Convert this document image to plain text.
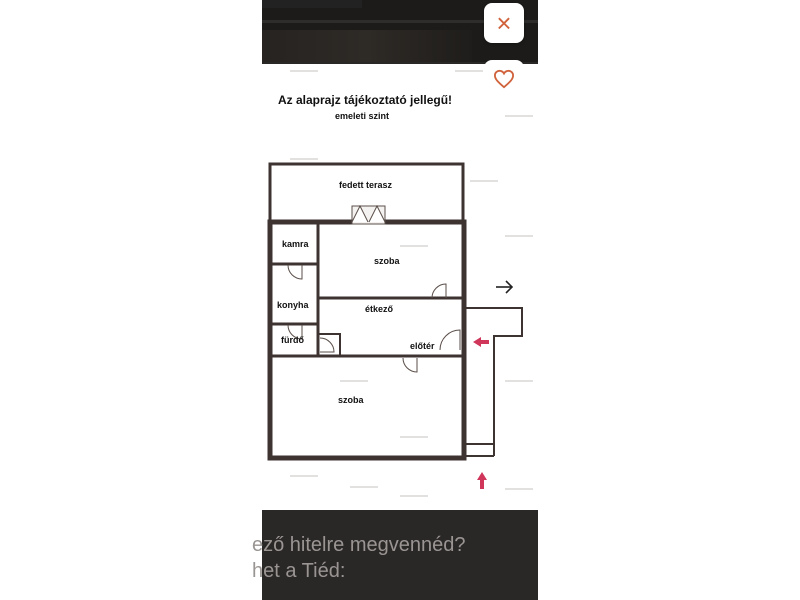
Az alaprajz tájékoztató jellegű!
emeleti szint
fedett terasz
kamra
szoba
konyha	étkező
fürdő
előtér
szoba
×
ező hitelre megvennéd?
het a Tiéd:
